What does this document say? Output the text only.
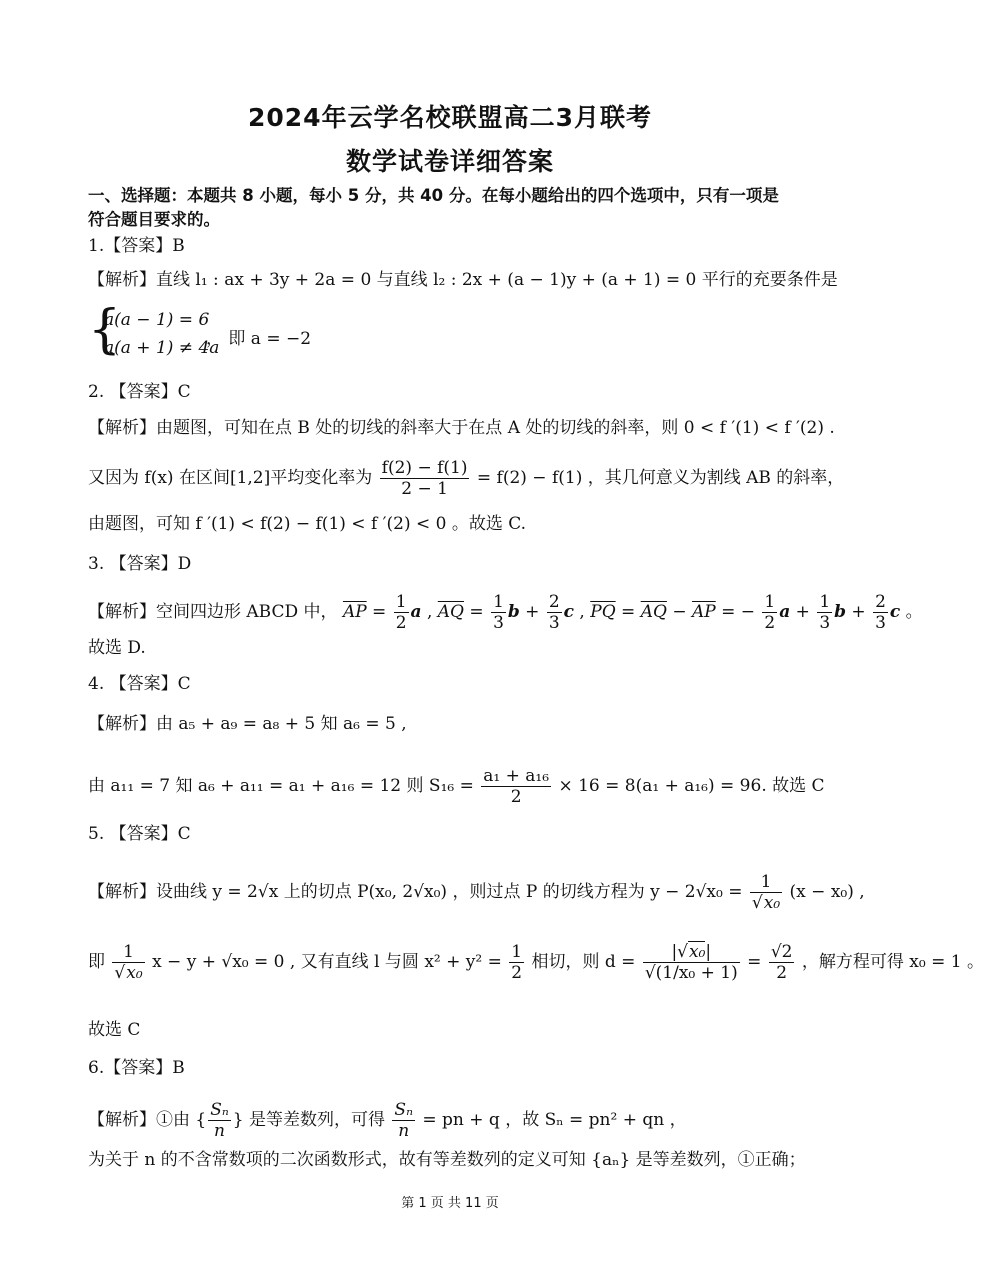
2024年云学名校联盟高二3月联考
数学试卷详细答案
一、选择题：本题共 8 小题，每小 5 分，共 40 分。在每小题给出的四个选项中，只有一项是
符合题目要求的。
1.【答案】B
【解析】直线 l₁ : ax + 3y + 2a = 0 与直线 l₂ : 2x + (a − 1)y + (a + 1) = 0 平行的充要条件是
{
a(a − 1) = 6
a(a + 1) ≠ 4a
， 即 a = −2
2. 【答案】C
【解析】由题图，可知在点 B 处的切线的斜率大于在点 A 处的切线的斜率，则 0 < f ′(1) < f ′(2) .
又因为 f(x) 在区间[1,2]平均变化率为 $\frac{f(2) - f(1)}{2 - 1} = f(2) - f(1)$ ，其几何意义为割线 AB 的斜率，
由题图，可知 f ′(1) < f(2) − f(1) < f ′(2) < 0 。故选 C.
3. 【答案】D
【解析】空间四边形 ABCD 中， $\overline{AP} = \frac{1}{2}$ a , $\overline{AQ} = \frac{1}{3}$ $b + \frac{2}{3}$ c , $\overline{PQ} = \overline{AQ} - \overline{AP}$ = − $\frac{1}{2}$ $a + \frac{1}{3}$ $b + \frac{2}{3}$ c 。
故选 D.
4. 【答案】C
【解析】由 a₅ + a₉ = a₈ + 5 知 a₆ = 5 ,
由 a₁₁ = 7 知 a₆ + a₁₁ = a₁ + a₁₆ = 12 则 $S_{16} = \frac{\text{a₁ + a₁₆}}{2} \times 16 = 8(a_1 + a_{16}) = 96$. 故选 C
5. 【答案】C
【解析】设曲线 y = 2√x 上的切点 P(x₀, 2√x₀) ，则过点 P 的切线方程为 $y - 2√x_0 = \frac{1}{\text{√x₀}} (x - x_0)$ ,
即 $\frac{1}{\text{√x₀}}$ x − y + √x₀ = 0 , 又有直线 l 与圆 $x^2 + y^2 = \frac{1}{2}$ 相切，则 $d = \frac{\text{|√x₀|}}{\text{√(1/x₀ + 1)}} = \frac{√2}{2}$ ，解方程可得 x₀ = 1 。
故选 C
6.【答案】B
【解析】①由 { $\frac{\text{Sₙ}}{n}$ } 是等差数列，可得 $\frac{\text{Sₙ}}{n}$ = pn + q ，故 Sₙ = pn² + qn ，
为关于 n 的不含常数项的二次函数形式，故有等差数列的定义可知 {aₙ} 是等差数列，①正确；
第 1 页 共 11 页
